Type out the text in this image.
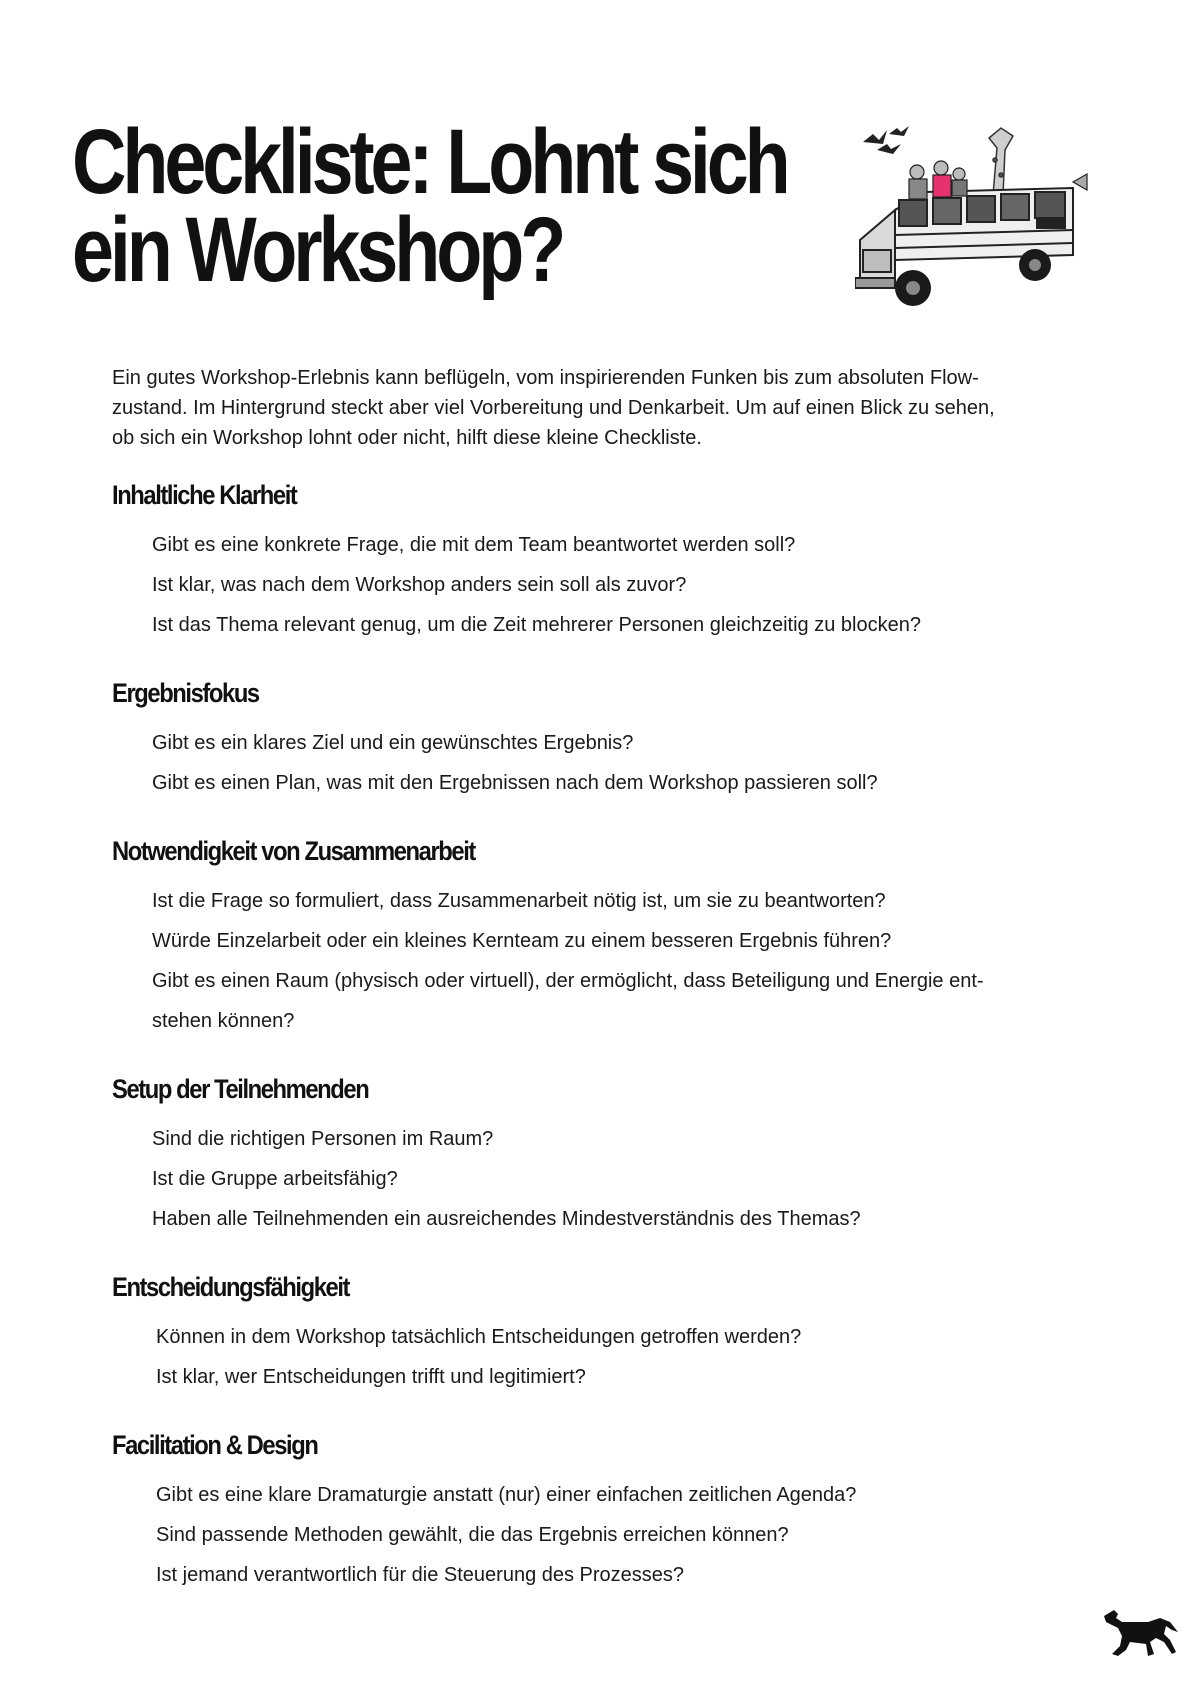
Checkliste: Lohnt sich
ein Workshop?

Ein gutes Workshop-Erlebnis kann beflügeln, vom inspirierenden Funken bis zum absoluten Flow-
zustand. Im Hintergrund steckt aber viel Vorbereitung und Denkarbeit. Um auf einen Blick zu sehen,
ob sich ein Workshop lohnt oder nicht, hilft diese kleine Checkliste.

Inhaltliche Klarheit
Gibt es eine konkrete Frage, die mit dem Team beantwortet werden soll?
Ist klar, was nach dem Workshop anders sein soll als zuvor?
Ist das Thema relevant genug, um die Zeit mehrerer Personen gleichzeitig zu blocken?
Ergebnisfokus
Gibt es ein klares Ziel und ein gewünschtes Ergebnis?
Gibt es einen Plan, was mit den Ergebnissen nach dem Workshop passieren soll?
Notwendigkeit von Zusammenarbeit
Ist die Frage so formuliert, dass Zusammenarbeit nötig ist, um sie zu beantworten?
Würde Einzelarbeit oder ein kleines Kernteam zu einem besseren Ergebnis führen?
Gibt es einen Raum (physisch oder virtuell), der ermöglicht, dass Beteiligung und Energie ent-
stehen können?
Setup der Teilnehmenden
Sind die richtigen Personen im Raum?
Ist die Gruppe arbeitsfähig?
Haben alle Teilnehmenden ein ausreichendes Mindestverständnis des Themas?
Entscheidungsfähigkeit
Können in dem Workshop tatsächlich Entscheidungen getroffen werden?
Ist klar, wer Entscheidungen trifft und legitimiert?
Facilitation & Design
Gibt es eine klare Dramaturgie anstatt (nur) einer einfachen zeitlichen Agenda?
Sind passende Methoden gewählt, die das Ergebnis erreichen können?
Ist jemand verantwortlich für die Steuerung des Prozesses?
